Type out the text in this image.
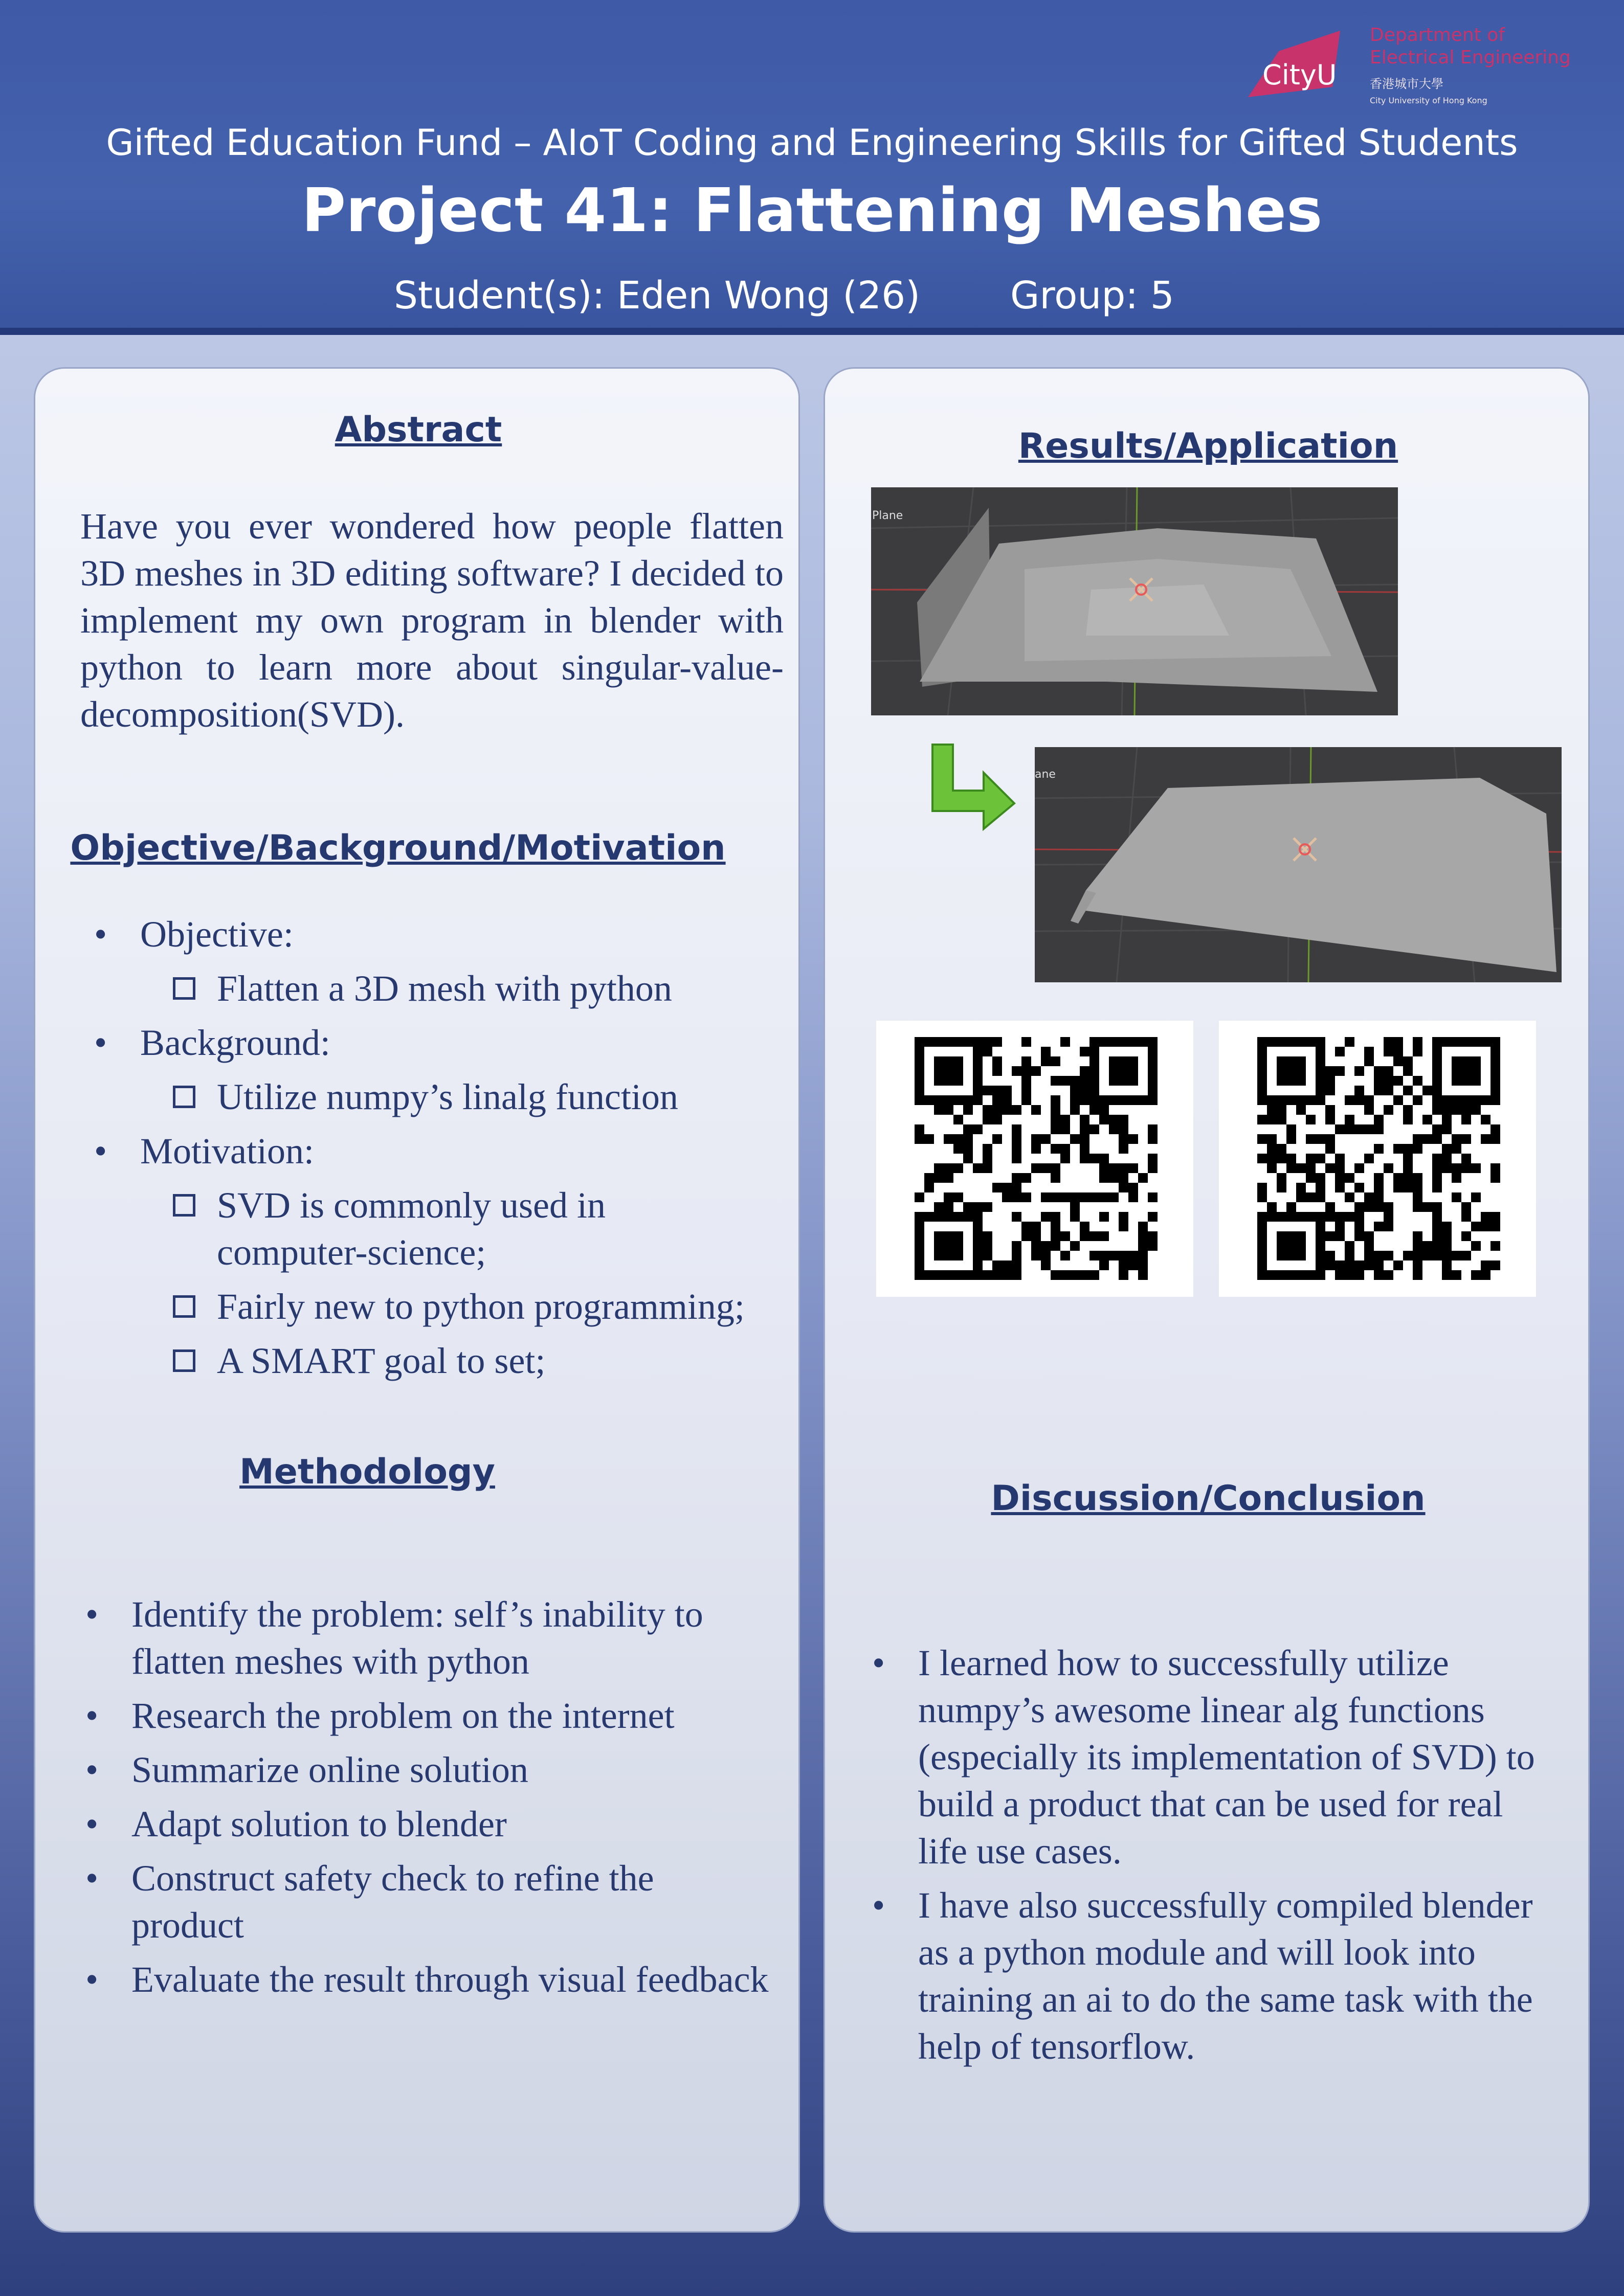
CityU
Department of
Electrical Engineering
香港城市大學
City University of Hong Kong
Gifted Education Fund – AIoT Coding and Engineering Skills for Gifted Students
Project 41: Flattening Meshes
Student(s): Eden Wong (26) Group: 5
Abstract
Have you ever wondered how people flatten 3D meshes in 3D editing software? I decided to implement my own program in blender with python to learn more about singular-value-decomposition(SVD).
Objective/Background/Motivation
• Objective:
Flatten a 3D mesh with python
• Background:
Utilize numpy’s linalg function
• Motivation:
SVD is commonly used in computer-science;
Fairly new to python programming;
A SMART goal to set;
Methodology
• Identify the problem: self’s inability to flatten meshes with python
• Research the problem on the internet
• Summarize online solution
• Adapt solution to blender
• Construct safety check to refine the product
• Evaluate the result through visual feedback
Results/Application
Plane
ane
Discussion/Conclusion
• I learned how to successfully utilize numpy’s awesome linear alg functions (especially its implementation of SVD) to build a product that can be used for real life use cases.
• I have also successfully compiled blender as a python module and will look into training an ai to do the same task with the help of tensorflow.
